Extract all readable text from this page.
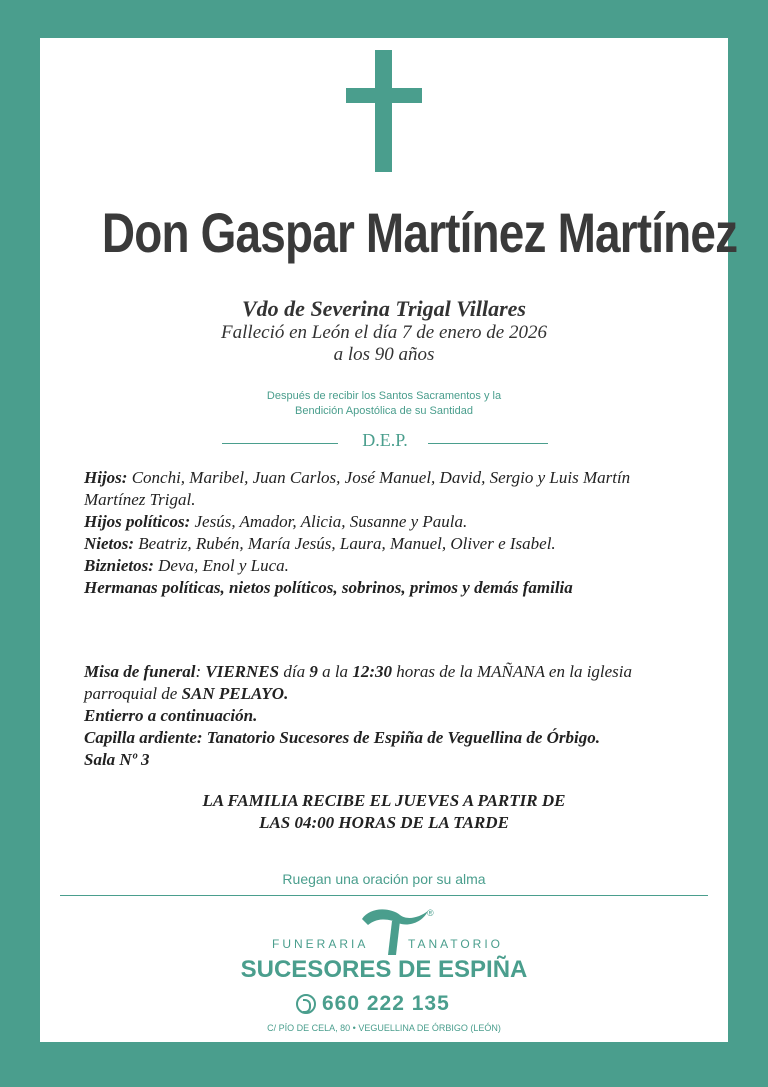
Don Gaspar Martínez Martínez
Vdo de Severina Trigal Villares
Falleció en León el día 7 de enero de 2026
a los 90 años
Después de recibir los Santos Sacramentos y la
Bendición Apostólica de su Santidad
D.E.P.
Hijos: Conchi, Maribel, Juan Carlos, José Manuel, David, Sergio y Luis Martín
Martínez Trigal.
Hijos políticos: Jesús, Amador, Alicia, Susanne y Paula.
Nietos: Beatriz, Rubén, María Jesús, Laura, Manuel, Oliver e Isabel.
Biznietos: Deva, Enol y Luca.
Hermanas políticas, nietos políticos, sobrinos, primos y demás familia
Misa de funeral: VIERNES día 9 a la 12:30 horas de la MAÑANA en la iglesia
parroquial de SAN PELAYO.
Entierro a continuación.
Capilla ardiente: Tanatorio Sucesores de Espiña de Veguellina de Órbigo.
Sala Nº 3
LA FAMILIA RECIBE EL JUEVES A PARTIR DE
LAS 04:00 HORAS DE LA TARDE
Ruegan una oración por su alma
®
FUNERARIA	TANATORIO
SUCESORES DE ESPIÑA
660 222 135
C/ PÍO DE CELA, 80 • VEGUELLINA DE ÓRBIGO (LEÓN)
